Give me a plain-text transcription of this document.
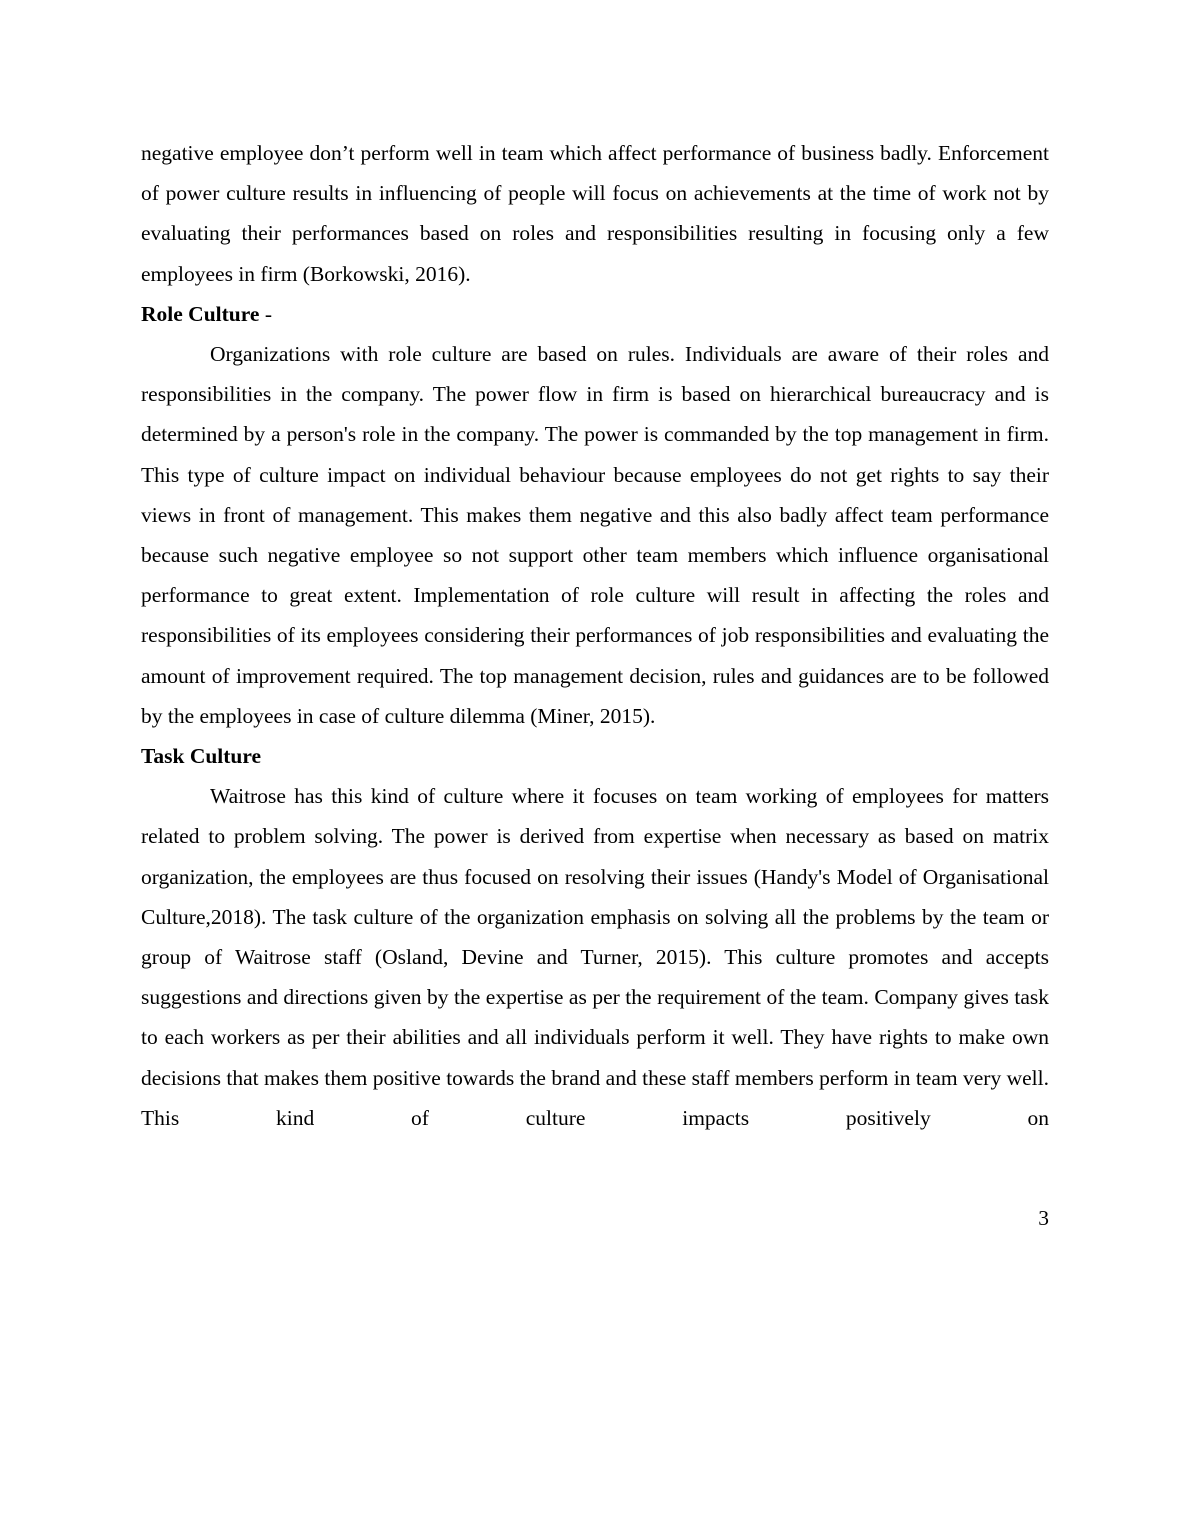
negative employee don’t perform well in team which affect performance of business badly. Enforcement of power culture results in influencing of people will focus on achievements at the time of work not by evaluating their performances based on roles and responsibilities resulting in focusing only a few employees in firm (Borkowski, 2016).

Role Culture -

Organizations with role culture are based on rules. Individuals are aware of their roles and responsibilities in the company. The power flow in firm is based on hierarchical bureaucracy and is determined by a person's role in the company. The power is commanded by the top management in firm. This type of culture impact on individual behaviour because employees do not get rights to say their views in front of management. This makes them negative and this also badly affect team performance because such negative employee so not support other team members which influence organisational performance to great extent. Implementation of role culture will result in affecting the roles and responsibilities of its employees considering their performances of job responsibilities and evaluating the amount of improvement required. The top management decision, rules and guidances are to be followed by the employees in case of culture dilemma (Miner, 2015).

Task Culture

Waitrose has this kind of culture where it focuses on team working of employees for matters related to problem solving. The power is derived from expertise when necessary as based on matrix organization, the employees are thus focused on resolving their issues (Handy's Model of Organisational Culture,2018). The task culture of the organization emphasis on solving all the problems by the team or group of Waitrose staff (Osland, Devine and Turner, 2015). This culture promotes and accepts suggestions and directions given by the expertise as per the requirement of the team. Company gives task to each workers as per their abilities and all individuals perform it well. They have rights to make own decisions that makes them positive towards the brand and these staff members perform in team very well. This kind of culture impacts positively on

3
